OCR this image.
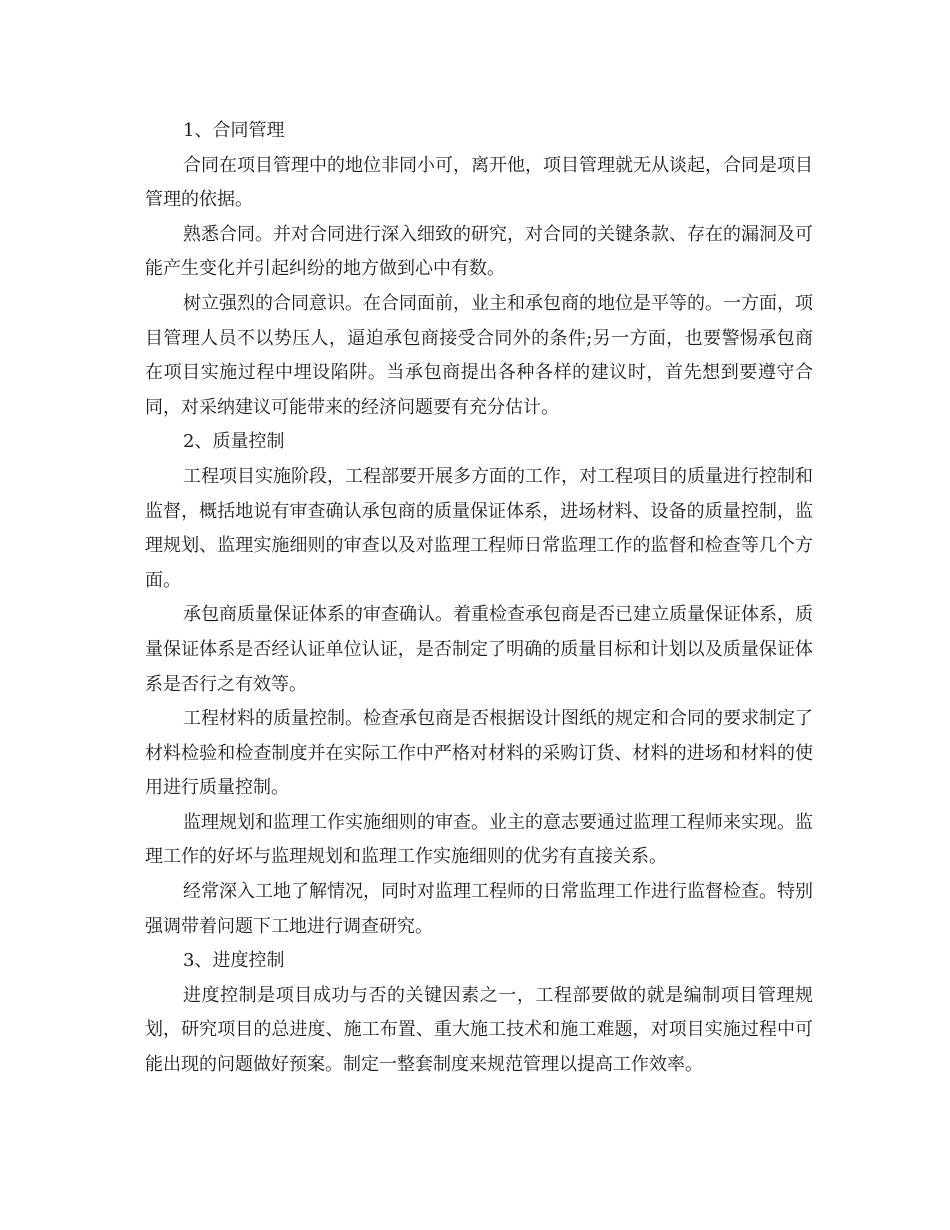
1、合同管理

合同在项目管理中的地位非同小可，离开他，项目管理就无从谈起，合同是项目管理的依据。

熟悉合同。并对合同进行深入细致的研究，对合同的关键条款、存在的漏洞及可能产生变化并引起纠纷的地方做到心中有数。

树立强烈的合同意识。在合同面前，业主和承包商的地位是平等的。一方面，项目管理人员不以势压人，逼迫承包商接受合同外的条件;另一方面，也要警惕承包商在项目实施过程中埋设陷阱。当承包商提出各种各样的建议时，首先想到要遵守合同，对采纳建议可能带来的经济问题要有充分估计。

2、质量控制

工程项目实施阶段，工程部要开展多方面的工作，对工程项目的质量进行控制和监督，概括地说有审查确认承包商的质量保证体系，进场材料、设备的质量控制，监理规划、监理实施细则的审查以及对监理工程师日常监理工作的监督和检查等几个方面。

承包商质量保证体系的审查确认。着重检查承包商是否已建立质量保证体系，质量保证体系是否经认证单位认证，是否制定了明确的质量目标和计划以及质量保证体系是否行之有效等。

工程材料的质量控制。检查承包商是否根据设计图纸的规定和合同的要求制定了材料检验和检查制度并在实际工作中严格对材料的采购订货、材料的进场和材料的使用进行质量控制。

监理规划和监理工作实施细则的审查。业主的意志要通过监理工程师来实现。监理工作的好坏与监理规划和监理工作实施细则的优劣有直接关系。

经常深入工地了解情况，同时对监理工程师的日常监理工作进行监督检查。特别强调带着问题下工地进行调查研究。

3、进度控制

进度控制是项目成功与否的关键因素之一，工程部要做的就是编制项目管理规划，研究项目的总进度、施工布置、重大施工技术和施工难题，对项目实施过程中可能出现的问题做好预案。制定一整套制度来规范管理以提高工作效率。
